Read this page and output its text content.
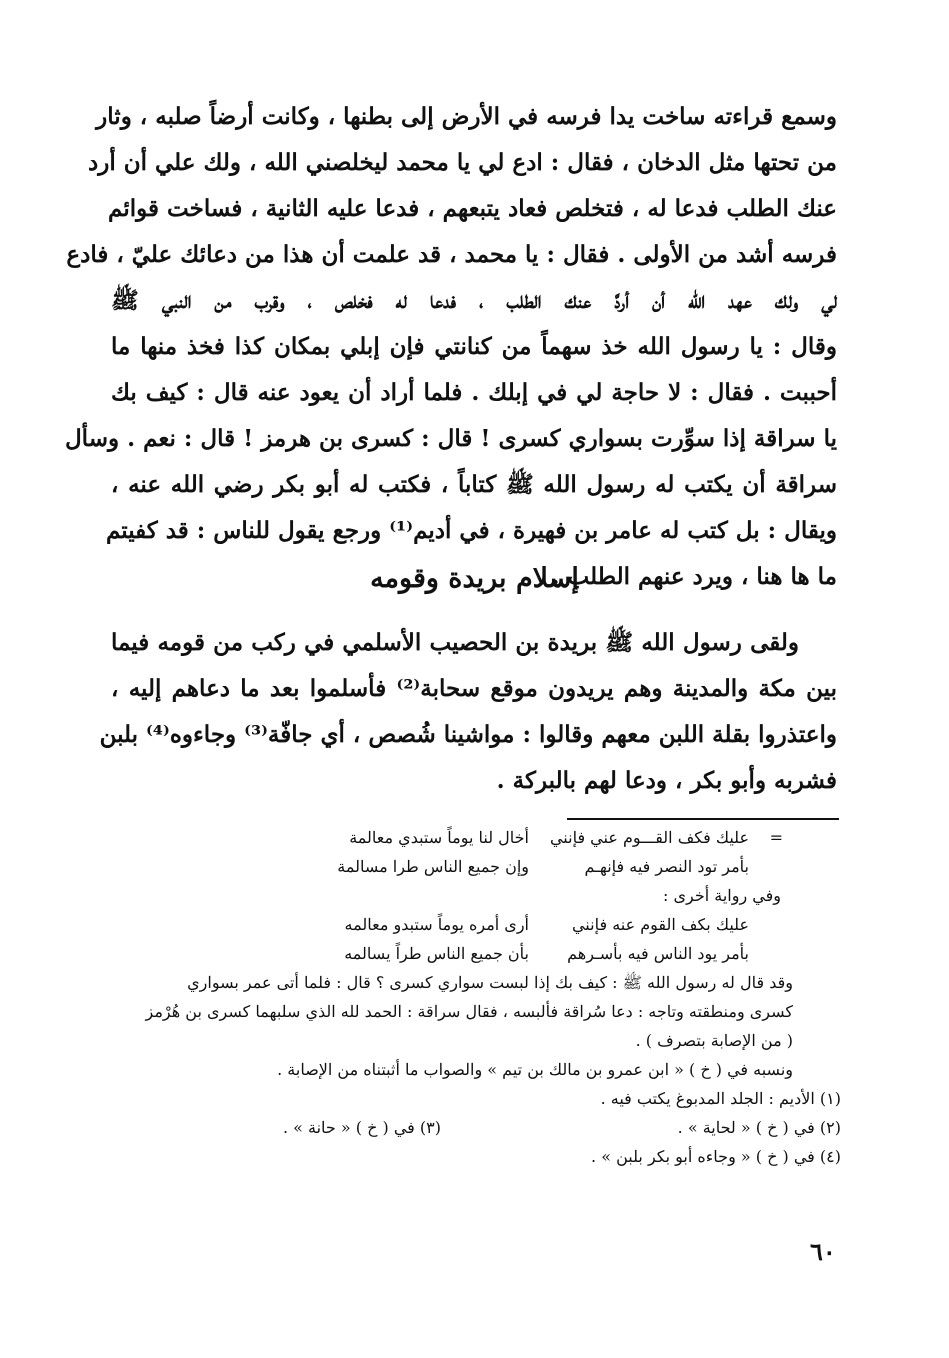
وسمع قراءته ساخت يدا فرسه في الأرض إلى بطنها ، وكانت أرضاً صلبه ، وثار
من تحتها مثل الدخان ، فقال : ادع لي يا محمد ليخلصني الله ، ولك علي أن أرد
عنك الطلب فدعا له ، فتخلص فعاد يتبعهم ، فدعا عليه الثانية ، فساخت قوائم
فرسه أشد من الأولى . فقال : يا محمد ، قد علمت أن هذا من دعائك عليّ ، فادع
لي ولك عهد الله أن أردَّ عنك الطلب ، فدعا له فخلص ، وقرب من النبي ﷺ
وقال : يا رسول الله خذ سهماً من كنانتي فإن إبلي بمكان كذا فخذ منها ما
أحببت . فقال : لا حاجة لي في إبلك . فلما أراد أن يعود عنه قال : كيف بك
يا سراقة إذا سوِّرت بسواري كسرى ! قال : كسرى بن هرمز ! قال : نعم . وسأل
سراقة أن يكتب له رسول الله ﷺ كتاباً ، فكتب له أبو بكر رضي الله عنه ،
ويقال : بل كتب له عامر بن فهيرة ، في أديم⁽¹⁾ ورجع يقول للناس : قد كفيتم
ما ها هنا ، ويرد عنهم الطلب .
إسلام بريدة وقومه
ولقى رسول الله ﷺ بريدة بن الحصيب الأسلمي في ركب من قومه فيما
بين مكة والمدينة وهم يريدون موقع سحابة⁽²⁾ فأسلموا بعد ما دعاهم إليه ،
واعتذروا بقلة اللبن معهم وقالوا : مواشينا شُصص ، أي جافّة⁽³⁾ وجاءوه⁽⁴⁾ بلبن
فشربه وأبو بكر ، ودعا لهم بالبركة .
=
عليك فكف القـــوم عني فإنني
أخال لنا يوماً ستبدي معالمة
بأمر تود النصر فيه فإنهـم
وإن جميع الناس طرا مسالمة
وفي رواية أخرى :
عليك بكف القوم عنه فإنني
أرى أمره يوماً ستبدو معالمه
بأمر يود الناس فيه بأسـرهم
بأن جميع الناس طراً يسالمه
وقد قال له رسول الله ﷺ : كيف بك إذا لبست سواري كسرى ؟ قال : فلما أتى عمر بسواري
كسرى ومنطقته وتاجه : دعا سُراقة فألبسه ، فقال سراقة : الحمد لله الذي سلبهما كسرى بن هُرْمز
( من الإصابة بتصرف ) .
ونسبه في ( خ ) « ابن عمرو بن مالك بن تيم » والصواب ما أثبتناه من الإصابة .
(١) الأديم : الجلد المدبوغ يكتب فيه .
(٢) في ( خ ) « لحاية » .
(٣) في ( خ ) « حانة » .
(٤) في ( خ ) « وجاءه أبو بكر بلبن » .
٦٠
